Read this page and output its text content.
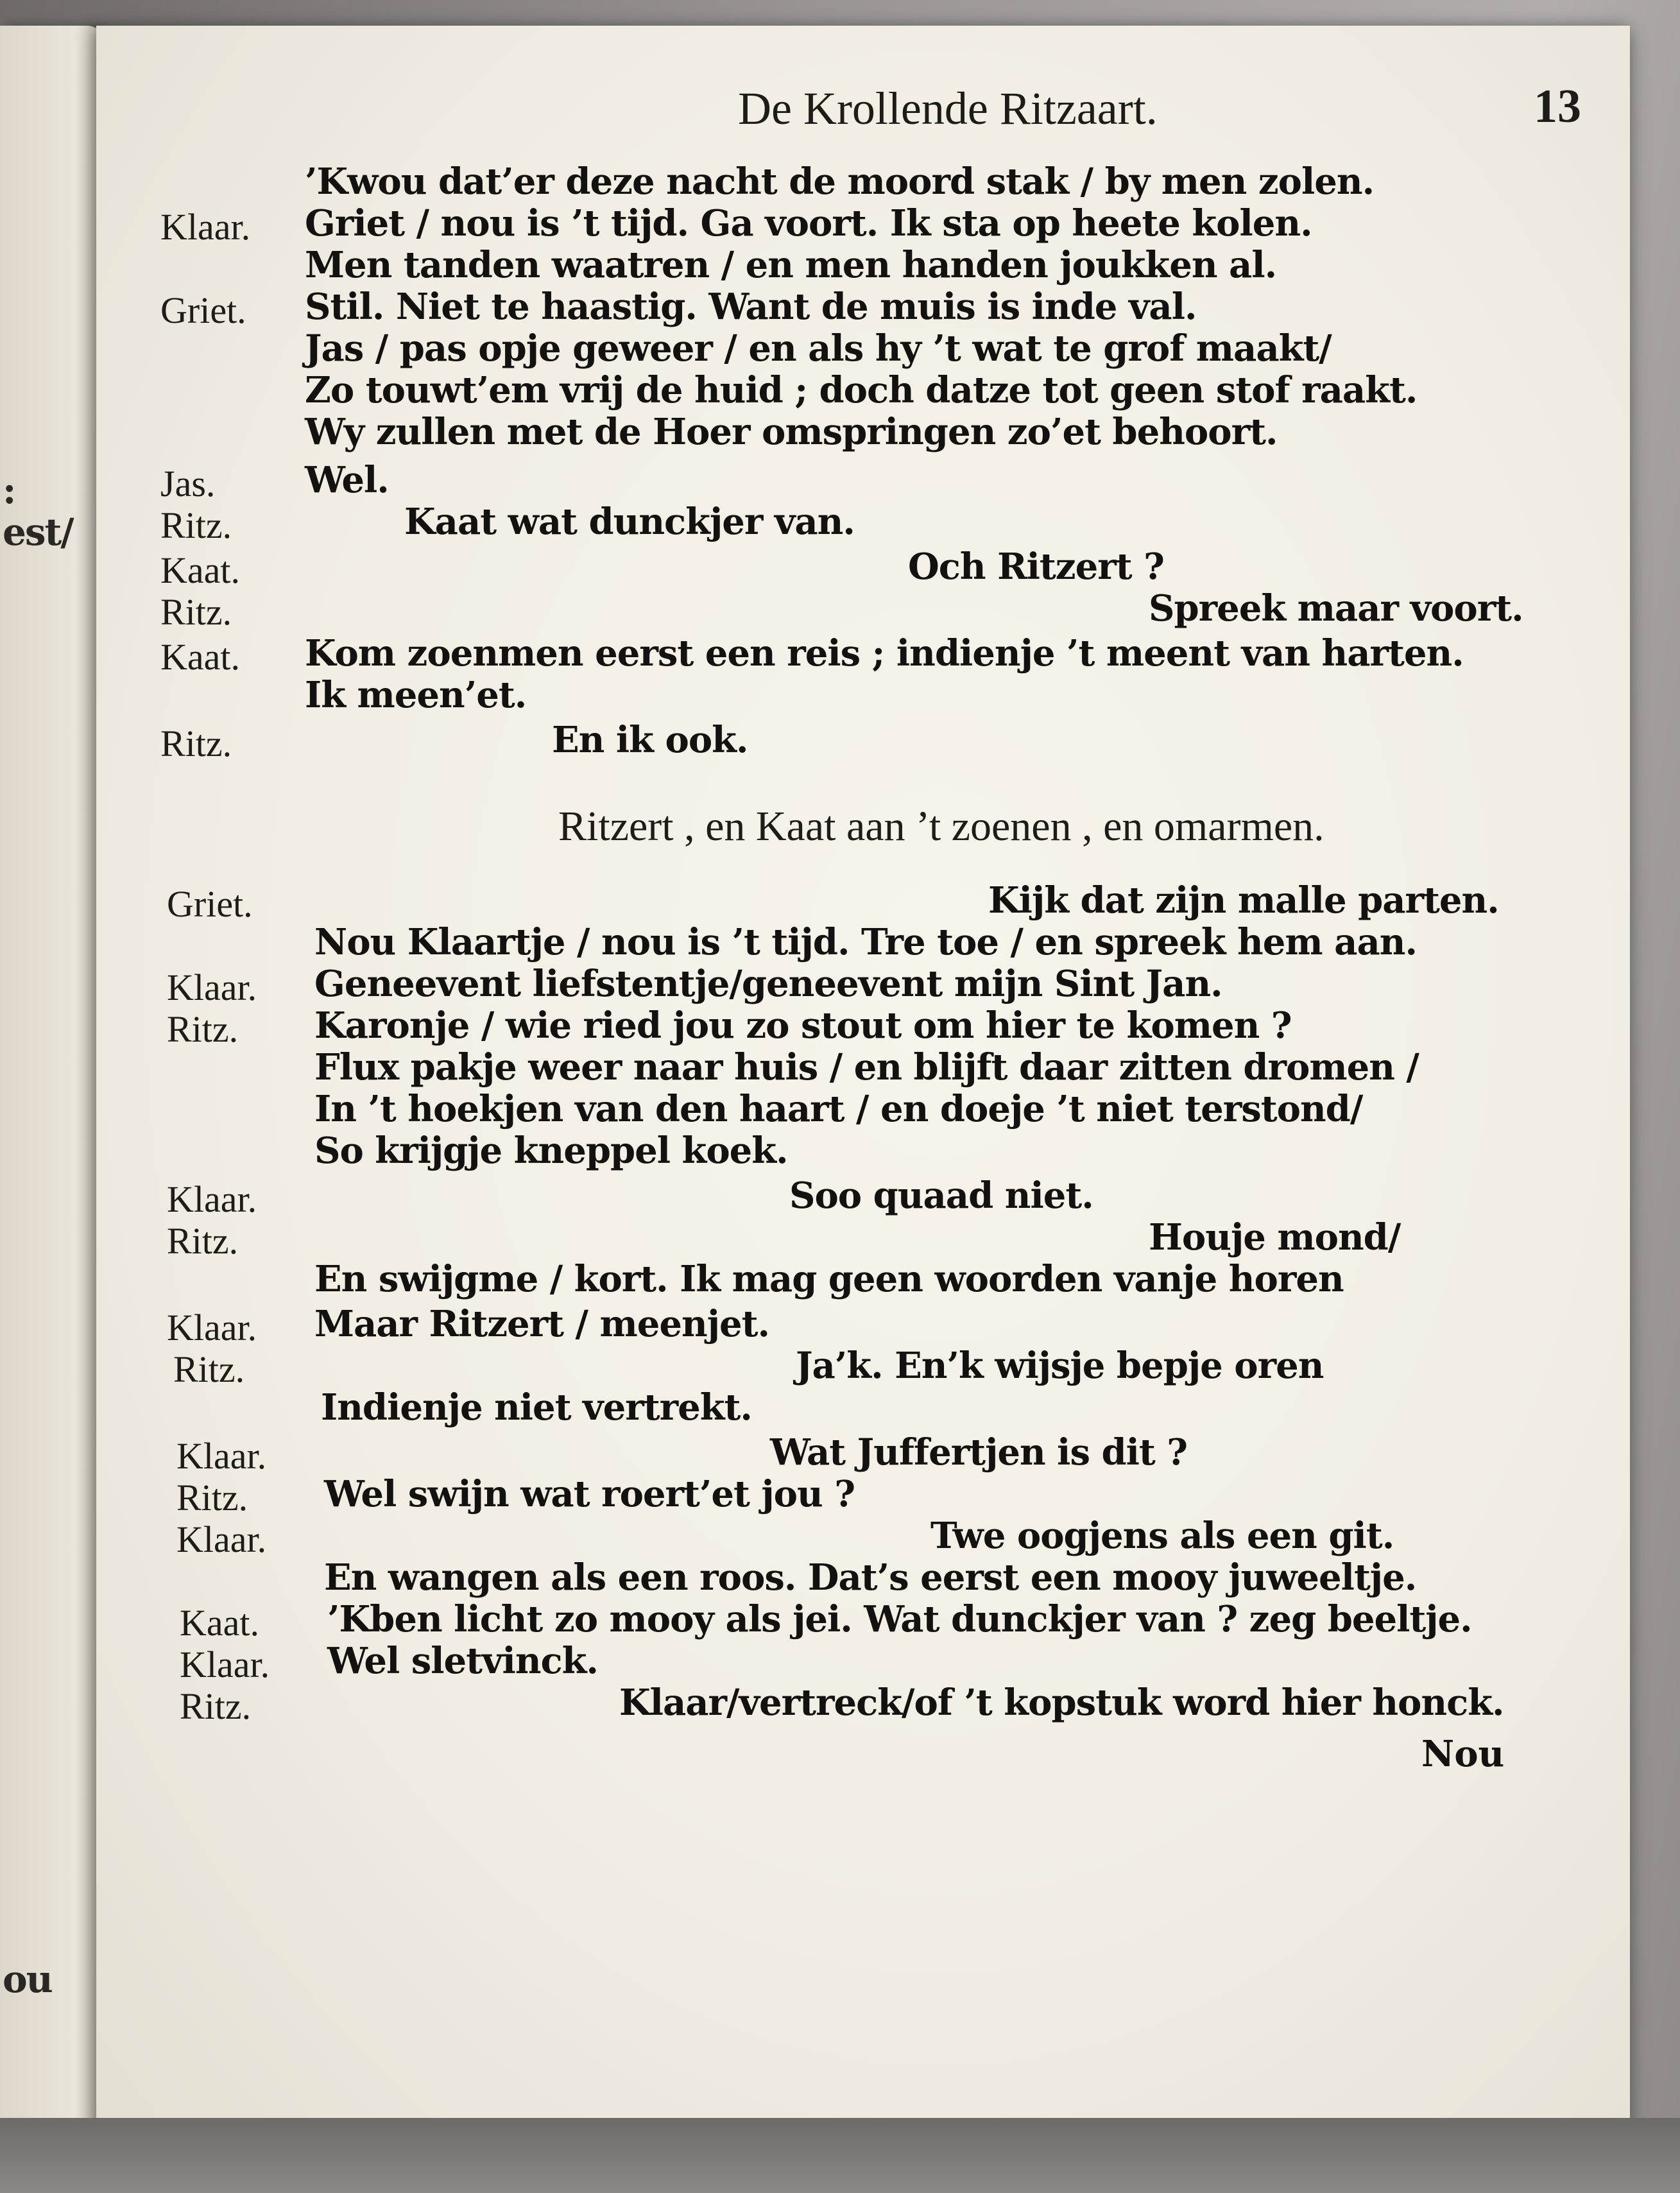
:
est/
ou
De Krollende Ritzaart.	13
’Kwou dat’er deze nacht de moord stak / by men zolen.
Klaar. Griet / nou is ’t tijd. Ga voort. Ik sta op heete kolen.
Men tanden waatren / en men handen joukken al.
Griet. Stil. Niet te haastig. Want de muis is inde val.
Jas / pas opje geweer / en als hy ’t wat te grof maakt/
Zo touwt’em vrij de huid ; doch datze tot geen stof raakt.
Wy zullen met de Hoer omspringen zo’et behoort.
Jas. Wel.
Ritz.	Kaat wat dunckjer van.
Kaat.	Och Ritzert ?
Ritz.	Spreek maar voort.
Kaat. Kom zoenmen eerst een reis ; indienje ’t meent van harten.
Ik meen’et.
Ritz.	En ik ook.
Ritzert , en Kaat aan ’t zoenen , en omarmen.
Griet.	Kijk dat zijn malle parten.
Nou Klaartje / nou is ’t tijd. Tre toe / en spreek hem aan.
Klaar. Geneevent liefstentje/geneevent mijn Sint Jan.
Ritz. Karonje / wie ried jou zo stout om hier te komen ?
Flux pakje weer naar huis / en blijft daar zitten dromen /
In ’t hoekjen van den haart / en doeje ’t niet terstond/
So krijgje kneppel koek.
Klaar.	Soo quaad niet.
Ritz.	Houje mond/
En swijgme / kort. Ik mag geen woorden vanje horen
Klaar. Maar Ritzert / meenjet.
Ritz.	Ja’k. En’k wijsje bepje oren
Indienje niet vertrekt.
Klaar.	Wat Juffertjen is dit ?
Ritz. Wel swijn wat roert’et jou ?
Klaar.	Twe oogjens als een git.
En wangen als een roos. Dat’s eerst een mooy juweeltje.
Kaat. ’Kben licht zo mooy als jei. Wat dunckjer van ? zeg beeltje.
Klaar. Wel sletvinck.
Ritz.	Klaar/vertreck/of ’t kopstuk word hier honck.
Nou
